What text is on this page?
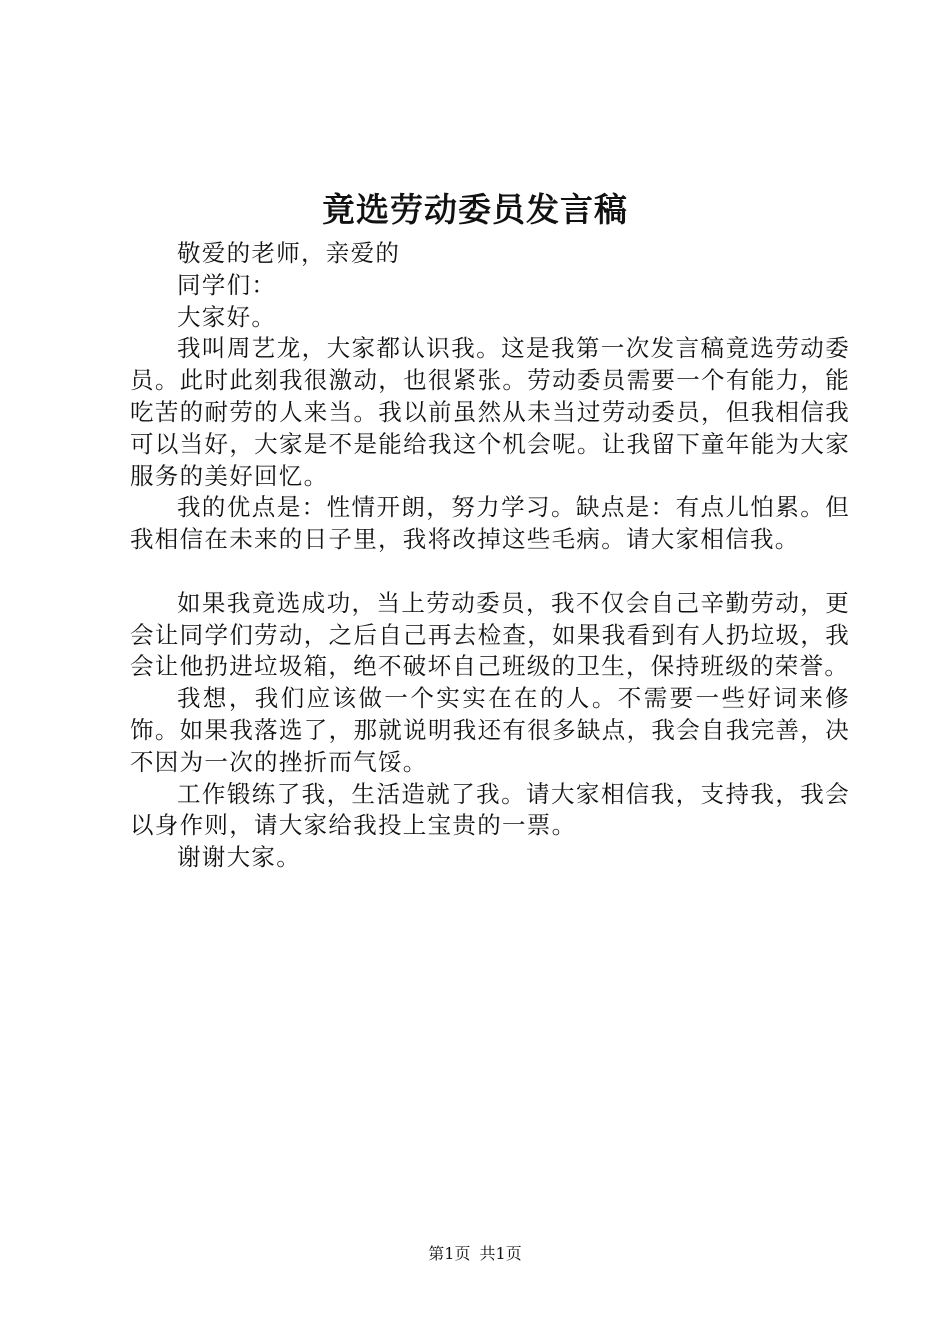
竟选劳动委员发言稿

敬爱的老师，亲爱的

同学们：

大家好。

我叫周艺龙，大家都认识我。这是我第一次发言稿竟选劳动委员。此时此刻我很激动，也很紧张。劳动委员需要一个有能力，能吃苦的耐劳的人来当。我以前虽然从未当过劳动委员，但我相信我可以当好，大家是不是能给我这个机会呢。让我留下童年能为大家服务的美好回忆。

我的优点是：性情开朗，努力学习。缺点是：有点儿怕累。但我相信在未来的日子里，我将改掉这些毛病。请大家相信我。

如果我竟选成功，当上劳动委员，我不仅会自己辛勤劳动，更会让同学们劳动，之后自己再去检查，如果我看到有人扔垃圾，我会让他扔进垃圾箱，绝不破坏自己班级的卫生，保持班级的荣誉。

我想，我们应该做一个实实在在的人。不需要一些好词来修饰。如果我落选了，那就说明我还有很多缺点，我会自我完善，决不因为一次的挫折而气馁。

工作锻练了我，生活造就了我。请大家相信我，支持我，我会以身作则，请大家给我投上宝贵的一票。

谢谢大家。

第1页 共1页
